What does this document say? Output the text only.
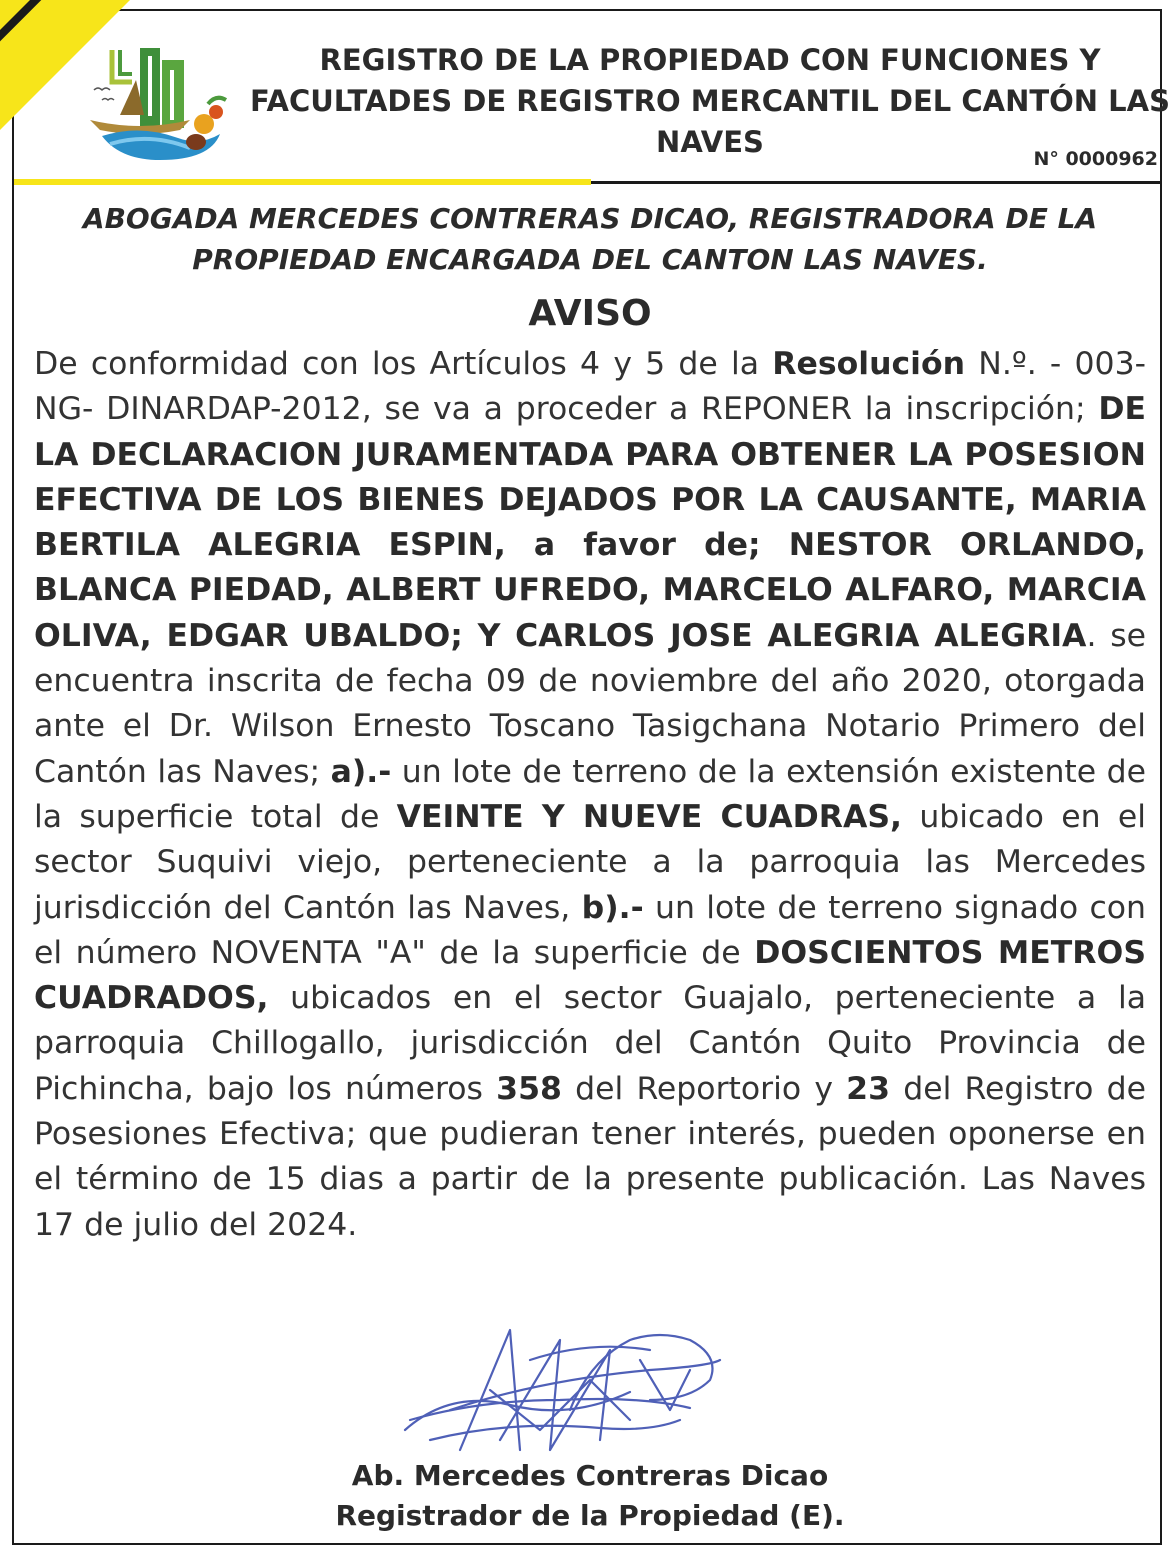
REGISTRO DE LA PROPIEDAD CON FUNCIONES Y FACULTADES DE REGISTRO MERCANTIL DEL CANTÓN LAS NAVES	N° 0000962

ABOGADA MERCEDES CONTRERAS DICAO, REGISTRADORA DE LA PROPIEDAD ENCARGADA DEL CANTON LAS NAVES.

AVISO

De conformidad con los Artículos 4 y 5 de la Resolución N.º. - 003-NG- DINARDAP-2012, se va a proceder a REPONER la inscripción; DE LA DECLARACION JURAMENTADA PARA OBTENER LA POSESION EFECTIVA DE LOS BIENES DEJADOS POR LA CAUSANTE, MARIA BERTILA ALEGRIA ESPIN, a favor de; NESTOR ORLANDO, BLANCA PIEDAD, ALBERT UFREDO, MARCELO ALFARO, MARCIA OLIVA, EDGAR UBALDO; Y CARLOS JOSE ALEGRIA ALEGRIA. se encuentra inscrita de fecha 09 de noviembre del año 2020, otorgada ante el Dr. Wilson Ernesto Toscano Tasigchana Notario Primero del Cantón las Naves; a).- un lote de terreno de la extensión existente de la superficie total de VEINTE Y NUEVE CUADRAS, ubicado en el sector Suquivi viejo, perteneciente a la parroquia las Mercedes jurisdicción del Cantón las Naves, b).- un lote de terreno signado con el número NOVENTA "A" de la superficie de DOSCIENTOS METROS CUADRADOS, ubicados en el sector Guajalo, perteneciente a la parroquia Chillogallo, jurisdicción del Cantón Quito Provincia de Pichincha, bajo los números 358 del Reportorio y 23 del Registro de Posesiones Efectiva; que pudieran tener interés, pueden oponerse en el término de 15 dias a partir de la presente publicación. Las Naves 17 de julio del 2024.

Ab. Mercedes Contreras Dicao

Registrador de la Propiedad (E).
